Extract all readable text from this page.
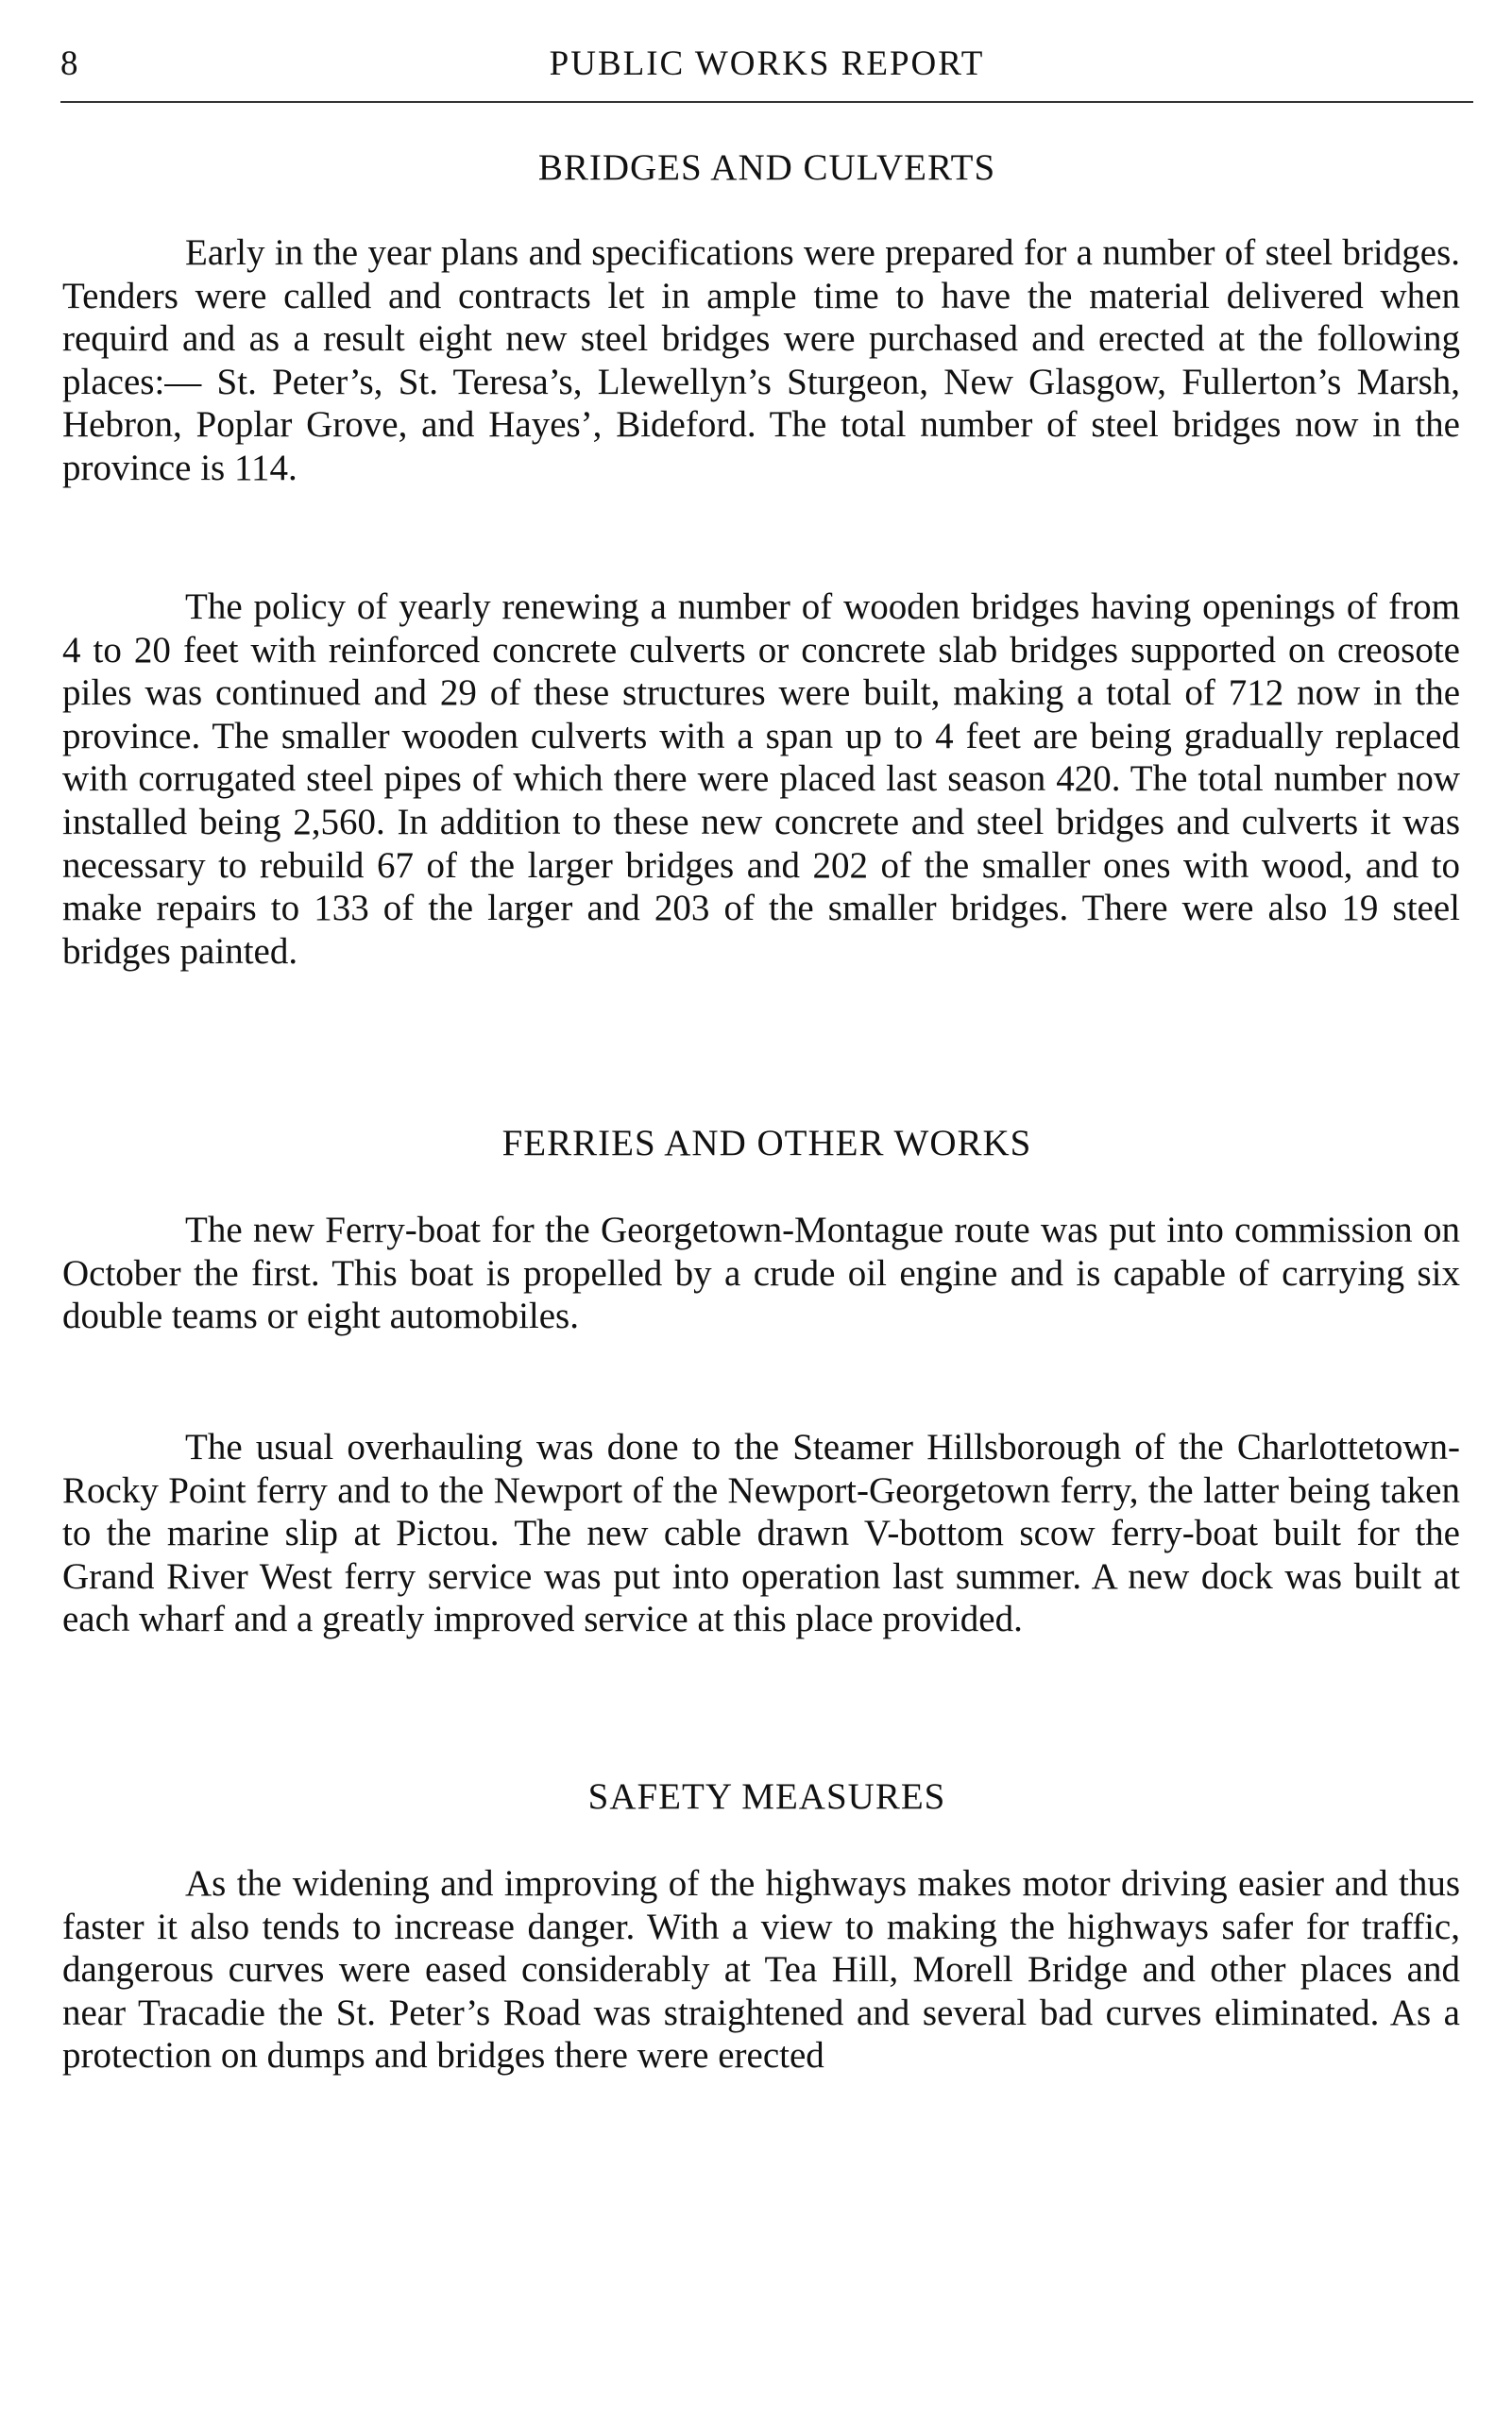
8	PUBLIC WORKS REPORT
BRIDGES AND CULVERTS

Early in the year plans and specifications were prepared for a number of steel bridges. Tenders were called and contracts let in ample time to have the material delivered when requird and as a result eight new steel bridges were purchased and erected at the following places:— St. Peter’s, St. Teresa’s, Llewellyn’s Sturgeon, New Glasgow, Fullerton’s Marsh, Hebron, Poplar Grove, and Hayes’, Bideford. The total number of steel bridges now in the province is 114.

The policy of yearly renewing a number of wooden bridges having openings of from 4 to 20 feet with reinforced concrete culverts or concrete slab bridges supported on creosote piles was continued and 29 of these structures were built, making a total of 712 now in the province. The smaller wooden culverts with a span up to 4 feet are being gradually replaced with corrugated steel pipes of which there were placed last season 420. The total number now installed being 2,560. In addition to these new concrete and steel bridges and culverts it was necessary to rebuild 67 of the larger bridges and 202 of the smaller ones with wood, and to make repairs to 133 of the larger and 203 of the smaller bridges. There were also 19 steel bridges painted.

FERRIES AND OTHER WORKS

The new Ferry-boat for the Georgetown-Montague route was put into commission on October the first. This boat is propelled by a crude oil engine and is capable of carrying six double teams or eight automobiles.

The usual overhauling was done to the Steamer Hillsborough of the Charlottetown-Rocky Point ferry and to the Newport of the Newport-Georgetown ferry, the latter being taken to the marine slip at Pictou. The new cable drawn V-bottom scow ferry-boat built for the Grand River West ferry service was put into operation last summer. A new dock was built at each wharf and a greatly improved service at this place provided.

SAFETY MEASURES

As the widening and improving of the highways makes motor driving easier and thus faster it also tends to increase danger. With a view to making the highways safer for traffic, dangerous curves were eased considerably at Tea Hill, Morell Bridge and other places and near Tracadie the St. Peter’s Road was straightened and several bad curves eliminated. As a protection on dumps and bridges there were erected
